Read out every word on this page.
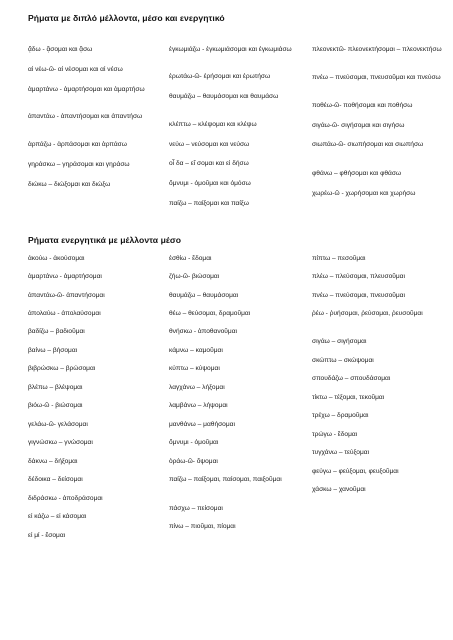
Ρήματα με διπλό μέλλοντα, μέσο και ενεργητικό
ᾄδω - ᾄσομαι και ᾄσω
αἰ νέω-ῶ- αἰ νέσομαι και αἰ νέσω
ἁμαρτάνω - ἁμαρτήσομαι και ἁμαρτήσω
ἀπαντάω - ἀπαντήσομαι και ἀπαντήσω
ἁρπάζω - ἁρπάσομαι και ἁρπάσω
γηράσκω – γηράσομαι και γηράσω
διώκω – διώξομαι και διώξω
ἐγκωμιάζω - ἐγκωμιάσομαι και ἐγκωμιάσω
ἐρωτάω-ῶ- ἐρήσομαι και ἐρωτήσω
θαυμάζω – θαυμάσομαι και θαυμάσω
κλέπτω – κλέψομαι και κλέψω
νεύω – νεύσομαι και νεύσω
οἶ δα – εἴ σομαι και εἰ δήσω
ὄμνυμι - ὀμοῦμαι και ὀμόσω
παίζω – παίξομαι και παίξω
πλεονεκτῶ- πλεονεκτήσομαι – πλεονεκτήσω
πνέω – πνεύσομαι, πνευσοῦμαι και πνεύσω
ποθέω-ῶ- ποθήσομαι και ποθήσω
σιγάω-ῶ- σιγήσομαι και σιγήσω
σιωπάω-ῶ- σιωπήσομαι και σιωπήσω
φθάνω – φθήσομαι και φθάσω
χωρέω-ῶ - χωρήσομαι και χωρήσω
Ρήματα ενεργητικά με μέλλοντα μέσο
ἀκούω - ἀκούσομαι
ἁμαρτάνω - ἁμαρτήσομαι
ἀπαντάω-ῶ- ἀπαντήσομαι
ἀπολαύω - ἀπολαύσομαι
βαδίζω – βαδιοῦμαι
βαίνω – βήσομαι
βιβρώσκω – βρώσομαι
βλέπω – βλέψομαι
βιόω-ῶ - βιώσομαι
γελάω-ῶ- γελάσομαι
γιγνώσκω – γνώσομαι
δάκνω – δήξομαι
δέδοικα – δείσομαι
διδράσκω - ἀποδράσομαι
εἰ κάζω – εἰ κάσομαι
εἰ μί - ἔσομαι
ἐσθίω - ἔδομαι
ζήω-ῶ- βιώσομαι
θαυμάζω – θαυμάσομαι
θέω – θεύσομαι, δραμοῦμαι
θνήσκω - ἀποθανοῦμαι
κάμνω – καμοῦμαι
κύπτω – κύψομαι
λαγχάνω – λήξομαι
λαμβάνω – λήψομαι
μανθάνω – μαθήσομαι
ὄμνυμι - ὀμοῦμαι
ὁράω-ῶ- ὄψομαι
παίζω – παίξομαι, παίσομαι, παιξοῦμαι
πάσχω – πείσομαι
πίνω – πιοῦμαι, πίομαι
πίπτω – πεσοῦμαι
πλέω – πλεύσομαι, πλευσοῦμαι
πνέω – πνεύσομαι, πνευσοῦμαι
ῥέω - ῥυήσομαι, ῥεύσομαι, ῥευσοῦμαι
σιγάω – σιγήσομαι
σκώπτω – σκώψομαι
σπουδάζω – σπουδάσομαι
τίκτω – τέξομαι, τεκοῦμαι
τρέχω – δραμοῦμαι
τρώγω - ἔδομαι
τυγχάνω – τεύξομαι
φεύγω – φεύξομαι, φευξοῦμαι
χάσκω – χανοῦμαι
